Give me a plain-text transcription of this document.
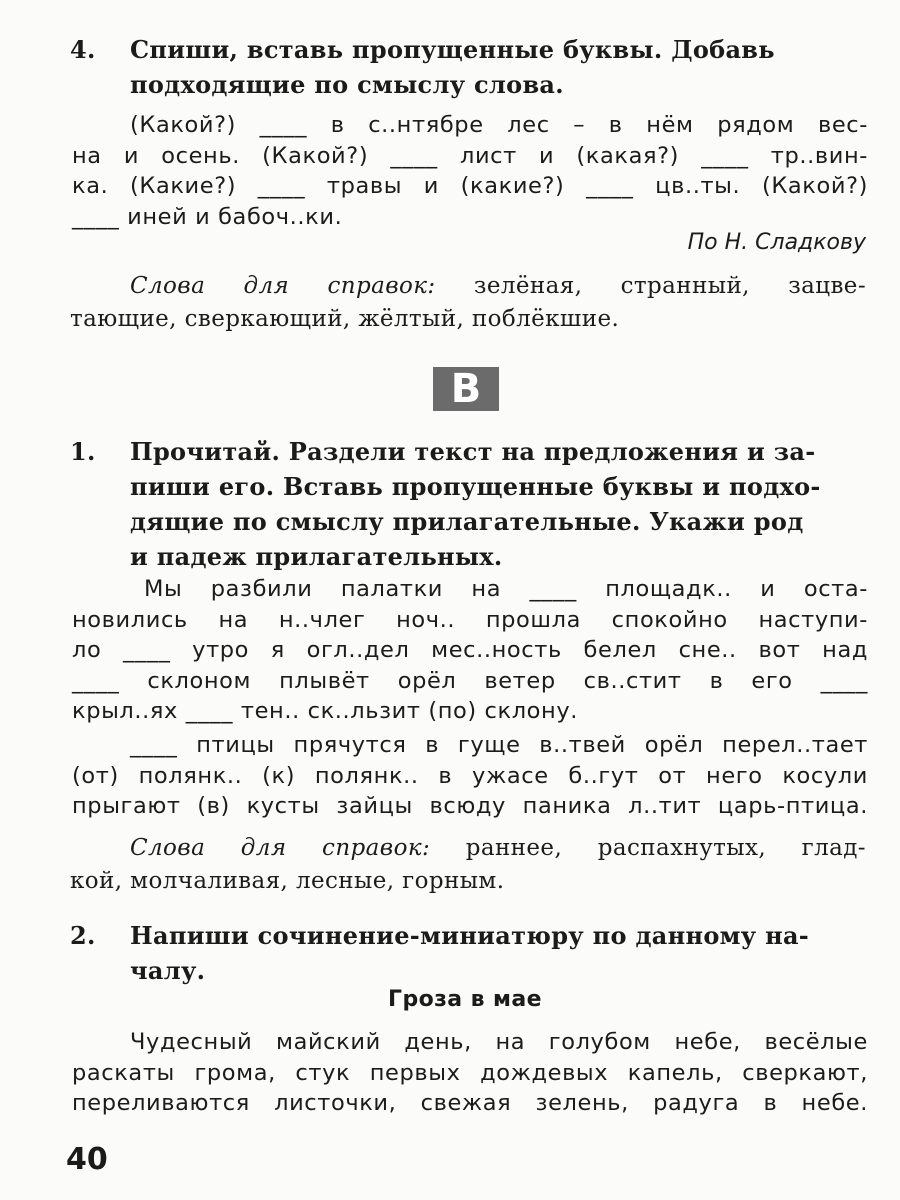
4. Спиши, вставь пропущенные буквы. Добавь
подходящие по смыслу слова.
(Какой?) ____ в с..нтябре лес – в нём рядом вес-
на и осень. (Какой?) ____ лист и (какая?) ____ тр..вин-
ка. (Какие?) ____ травы и (какие?) ____ цв..ты. (Какой?)
____ иней и бабоч..ки.
По Н. Сладкову
Слова для справок: зелёная, странный, зацве-
тающие, сверкающий, жёлтый, поблёкшие.
В
1. Прочитай. Раздели текст на предложения и за-
пиши его. Вставь пропущенные буквы и подхо-
дящие по смыслу прилагательные. Укажи род
и падеж прилагательных.
Мы разбили палатки на ____ площадк.. и оста-
новились на н..члег ноч.. прошла спокойно наступи-
ло ____ утро я огл..дел мес..ность белел сне.. вот над
____ склоном плывёт орёл ветер св..стит в его ____
крыл..ях ____ тен.. ск..льзит (по) склону.
____ птицы прячутся в гуще в..твей орёл перел..тает
(от) полянк.. (к) полянк.. в ужасе б..гут от него косули
прыгают (в) кусты зайцы всюду паника л..тит царь-птица.
Слова для справок: раннее, распахнутых, глад-
кой, молчаливая, лесные, горным.
2. Напиши сочинение-миниатюру по данному на-
чалу.
Гроза в мае
Чудесный майский день, на голубом небе, весёлые
раскаты грома, стук первых дождевых капель, сверкают,
переливаются листочки, свежая зелень, радуга в небе.
40
